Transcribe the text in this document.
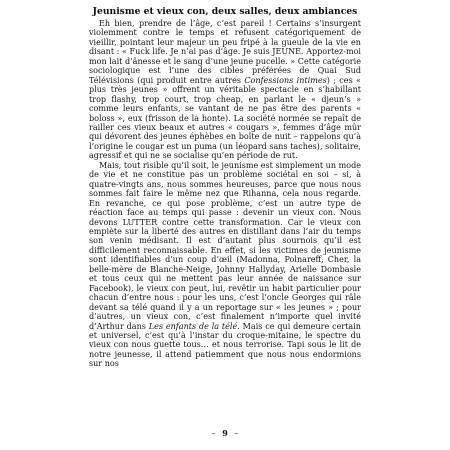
Jeunisme et vieux con, deux salles, deux ambiances

Eh bien, prendre de l’âge, c’est pareil ! Certains s’insurgent violemment contre le temps et refusent catégoriquement de vieillir, pointant leur majeur un peu fripé à la gueule de la vie en disant : « Fuck life. Je n’ai pas d’âge. Je suis JEUNE. Apportez-moi mon lait d’ânesse et le sang d’une jeune pucelle. » Cette catégorie sociologique est l’une des cibles préférées de Quai Sud Télévisions (qui produit entre autres Confessions intimes) ; ces « plus très jeunes » offrent un véritable spectacle en s’habillant trop flashy, trop court, trop cheap, en parlant le « djeun’s » comme leurs enfants, se vantant de ne pas être des parents « boloss », eux (frisson de la honte). La société normée se repaît de railler ces vieux beaux et autres « cougars », femmes d’âge mûr qui dévorent des jeunes éphèbes en boîte de nuit – rappelons qu’à l’origine le cougar est un puma (un léopard sans taches), solitaire, agressif et qui ne se socialise qu’en période de rut.

Mais, tout risible qu’il soit, le jeunisme est simplement un mode de vie et ne constitue pas un problème sociétal en soi – si, à quatre-vingts ans, nous sommes heureuses, parce que nous nous sommes fait faire le même nez que Rihanna, cela nous regarde. En revanche, ce qui pose problème, c’est un autre type de réaction face au temps qui passe : devenir un vieux con. Nous devons LUTTER contre cette transformation. Car le vieux con empiète sur la liberté des autres en distillant dans l’air du temps son venin médisant. Il est d’autant plus sournois qu’il est difficilement reconnaissable. En effet, si les victimes de jeunisme sont identifiables d’un coup d’œil (Madonna, Polnareff, Cher, la belle-mère de Blanche-Neige, Johnny Hallyday, Arielle Dombasle et tous ceux qui ne mettent pas leur année de naissance sur Facebook), le vieux con peut, lui, revêtir un habit particulier pour chacun d’entre nous : pour les uns, c’est l’oncle Georges qui râle devant sa télé quand il y a un reportage sur « les jeunes » ; pour d’autres, un vieux con, c’est finalement n’importe quel invité d’Arthur dans Les enfants de la télé. Mais ce qui demeure certain et universel, c’est qu’à l’instar du croque-mitaine, le spectre du vieux con nous guette tous… et nous terrorise. Tapi sous le lit de notre jeunesse, il attend patiemment que nous nous endormions sur nos

– 9 –
